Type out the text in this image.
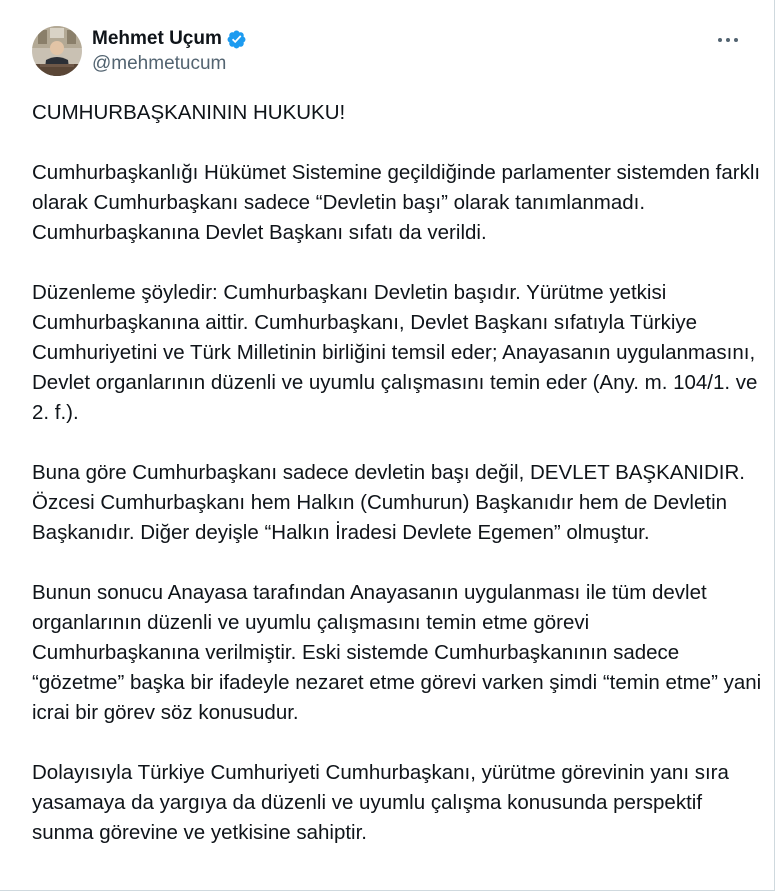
Mehmet Uçum
@mehmetucum

CUMHURBAŞKANININ HUKUKU!

Cumhurbaşkanlığı Hükümet Sistemine geçildiğinde parlamenter sistemden farklı olarak Cumhurbaşkanı sadece “Devletin başı” olarak tanımlanmadı. Cumhurbaşkanına Devlet Başkanı sıfatı da verildi.

Düzenleme şöyledir: Cumhurbaşkanı Devletin başıdır. Yürütme yetkisi Cumhurbaşkanına aittir. Cumhurbaşkanı, Devlet Başkanı sıfatıyla Türkiye Cumhuriyetini ve Türk Milletinin birliğini temsil eder; Anayasanın uygulanmasını, Devlet organlarının düzenli ve uyumlu çalışmasını temin eder (Any. m. 104/1. ve 2. f.).

Buna göre Cumhurbaşkanı sadece devletin başı değil, DEVLET BAŞKANIDIR. Özcesi Cumhurbaşkanı hem Halkın (Cumhurun) Başkanıdır hem de Devletin Başkanıdır. Diğer deyişle “Halkın İradesi Devlete Egemen” olmuştur.

Bunun sonucu Anayasa tarafından Anayasanın uygulanması ile tüm devlet organlarının düzenli ve uyumlu çalışmasını temin etme görevi Cumhurbaşkanına verilmiştir. Eski sistemde Cumhurbaşkanının sadece “gözetme” başka bir ifadeyle nezaret etme görevi varken şimdi “temin etme” yani icrai bir görev söz konusudur.

Dolayısıyla Türkiye Cumhuriyeti Cumhurbaşkanı, yürütme görevinin yanı sıra yasamaya da yargıya da düzenli ve uyumlu çalışma konusunda perspektif sunma görevine ve yetkisine sahiptir.
